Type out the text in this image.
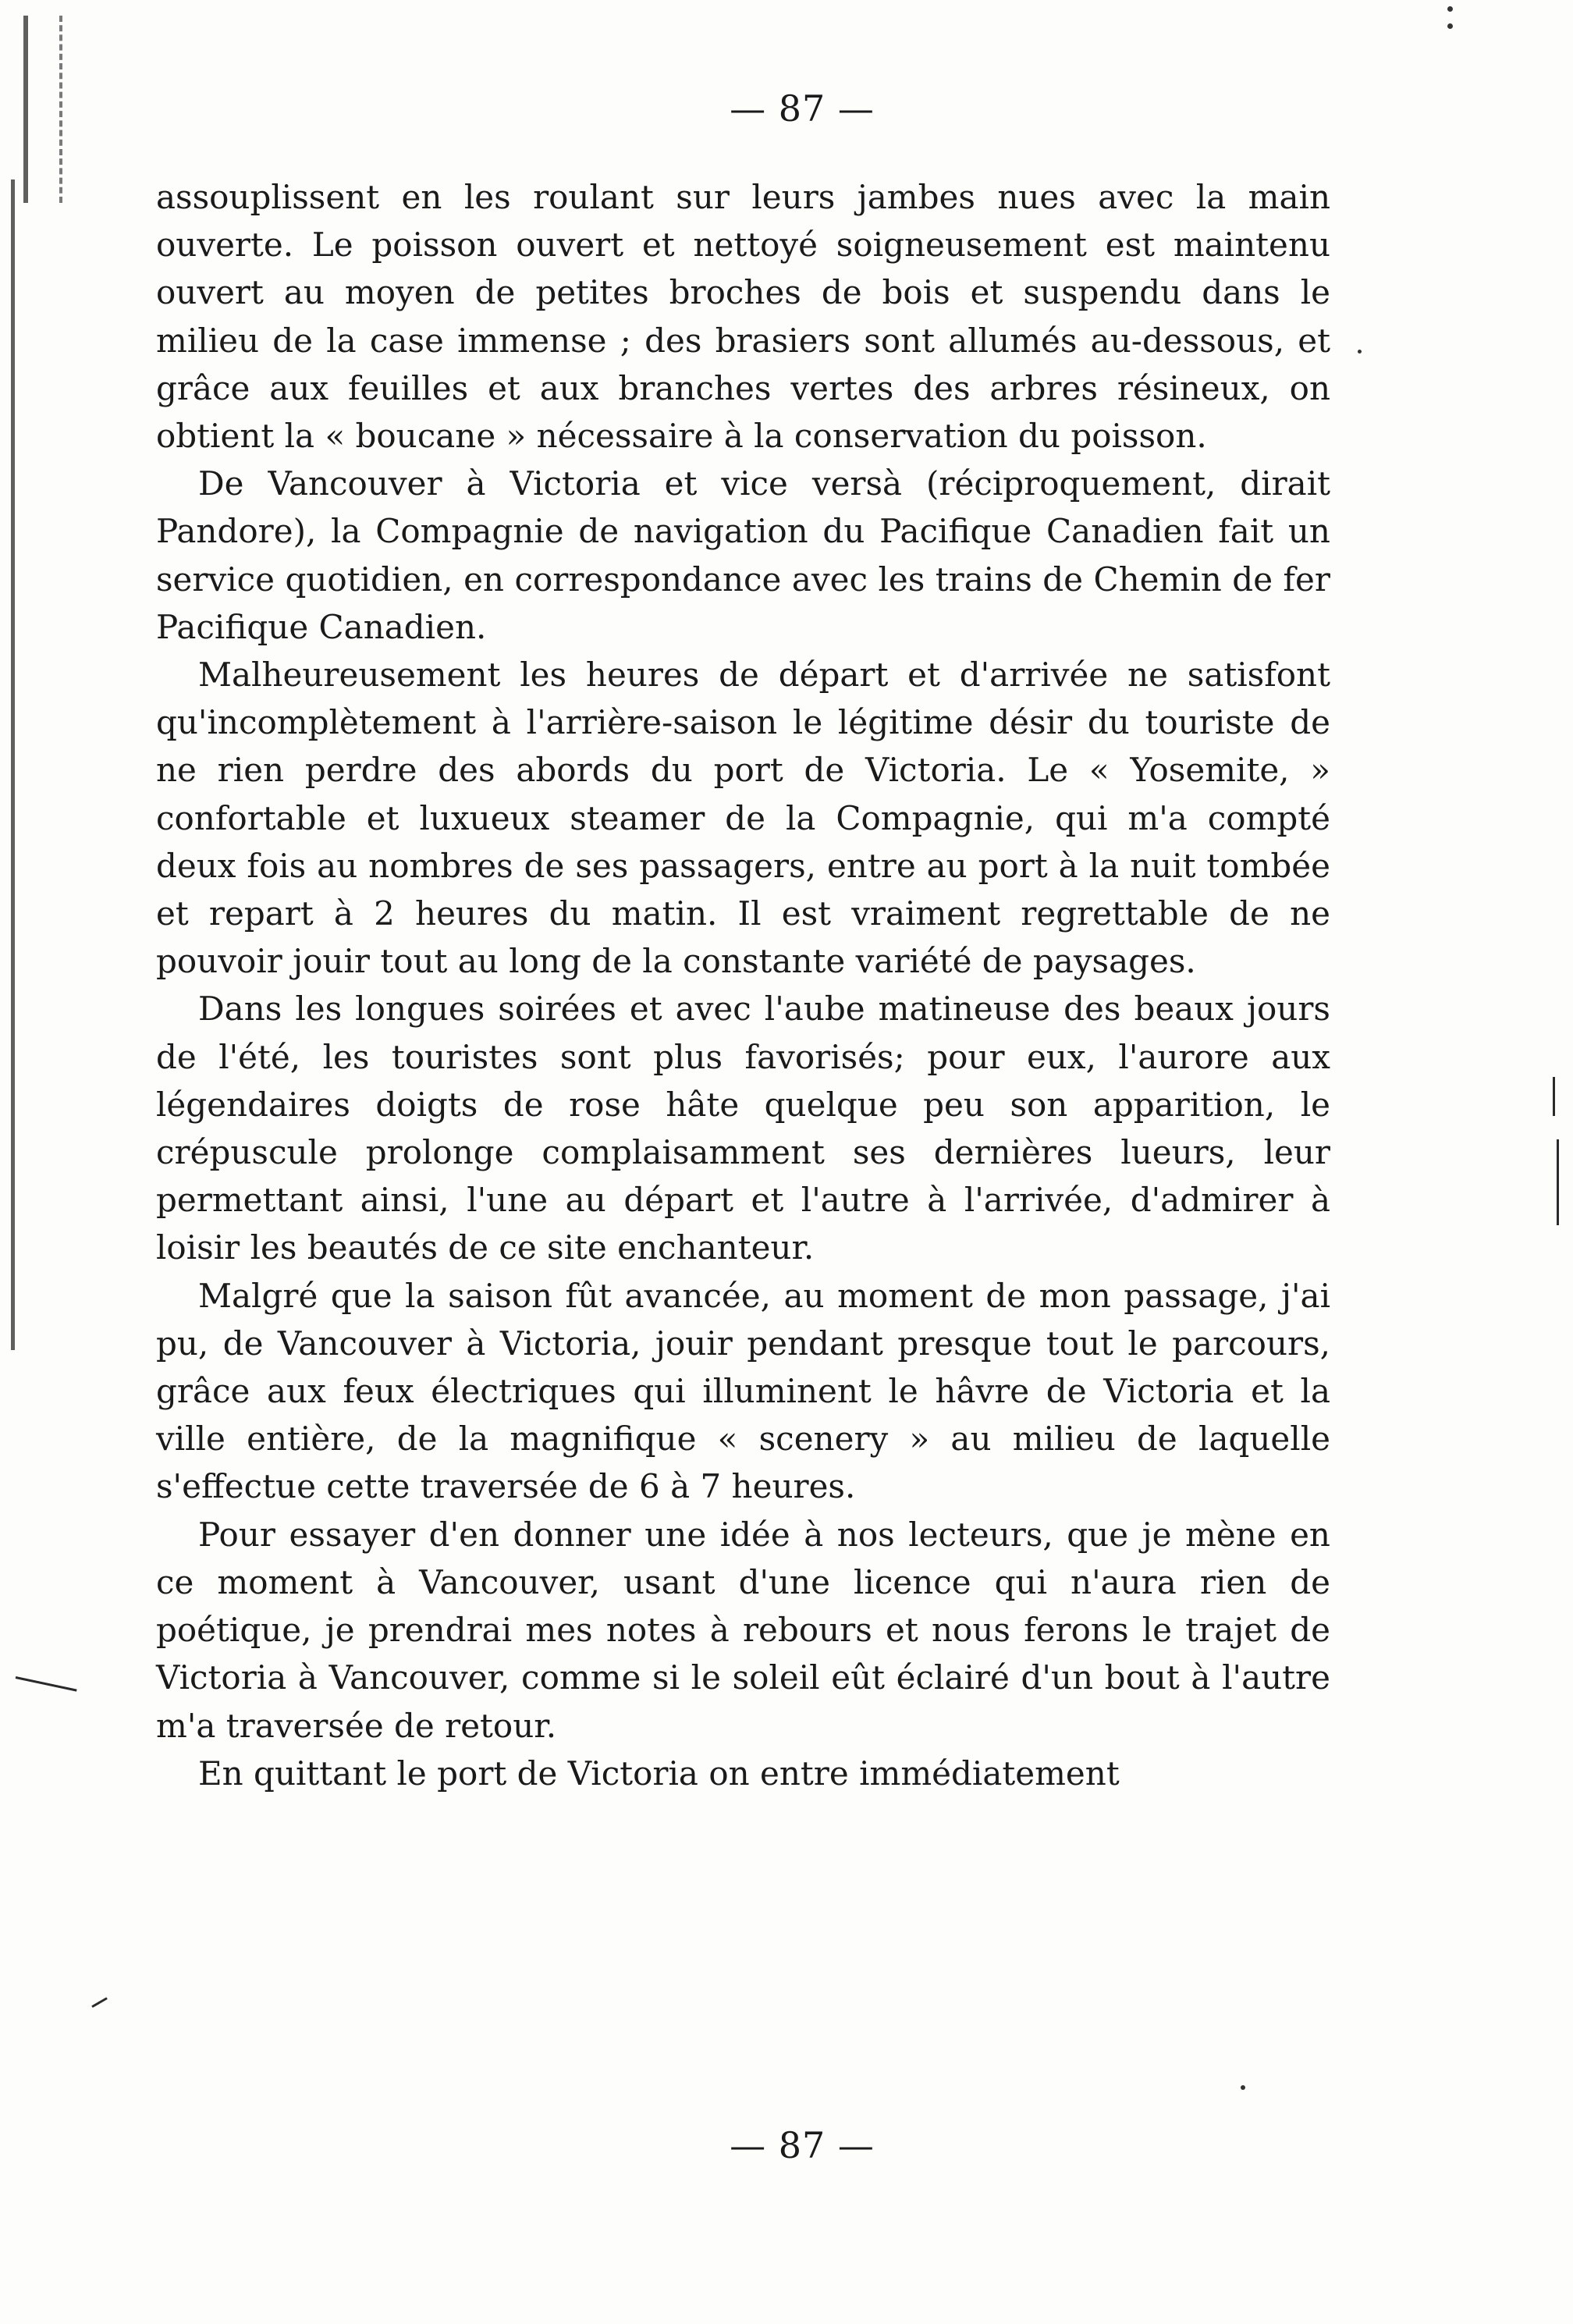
— 87 —

assouplissent en les roulant sur leurs jambes nues avec la main ouverte. Le poisson ouvert et nettoyé soigneusement est maintenu ouvert au moyen de petites broches de bois et suspendu dans le milieu de la case immense ; des brasiers sont allumés au-dessous, et grâce aux feuilles et aux branches vertes des arbres résineux, on obtient la « boucane » nécessaire à la conservation du poisson.

De Vancouver à Victoria et vice versà (réciproquement, dirait Pandore), la Compagnie de navigation du Pacifique Canadien fait un service quotidien, en correspondance avec les trains de Chemin de fer Pacifique Canadien.

Malheureusement les heures de départ et d'arrivée ne satisfont qu'incomplètement à l'arrière-saison le légitime désir du touriste de ne rien perdre des abords du port de Victoria. Le « Yosemite, » confortable et luxueux steamer de la Compagnie, qui m'a compté deux fois au nombres de ses passagers, entre au port à la nuit tombée et repart à 2 heures du matin. Il est vraiment regrettable de ne pouvoir jouir tout au long de la constante variété de paysages.

Dans les longues soirées et avec l'aube matineuse des beaux jours de l'été, les touristes sont plus favorisés; pour eux, l'aurore aux légendaires doigts de rose hâte quelque peu son apparition, le crépuscule prolonge complaisamment ses dernières lueurs, leur permettant ainsi, l'une au départ et l'autre à l'arrivée, d'admirer à loisir les beautés de ce site enchanteur.

Malgré que la saison fût avancée, au moment de mon passage, j'ai pu, de Vancouver à Victoria, jouir pendant presque tout le parcours, grâce aux feux électriques qui illuminent le hâvre de Victoria et la ville entière, de la magnifique « scenery » au milieu de laquelle s'effectue cette traversée de 6 à 7 heures.

Pour essayer d'en donner une idée à nos lecteurs, que je mène en ce moment à Vancouver, usant d'une licence qui n'aura rien de poétique, je prendrai mes notes à rebours et nous ferons le trajet de Victoria à Vancouver, comme si le soleil eût éclairé d'un bout à l'autre m'a traversée de retour.

En quittant le port de Victoria on entre immédiatement

— 87 —
